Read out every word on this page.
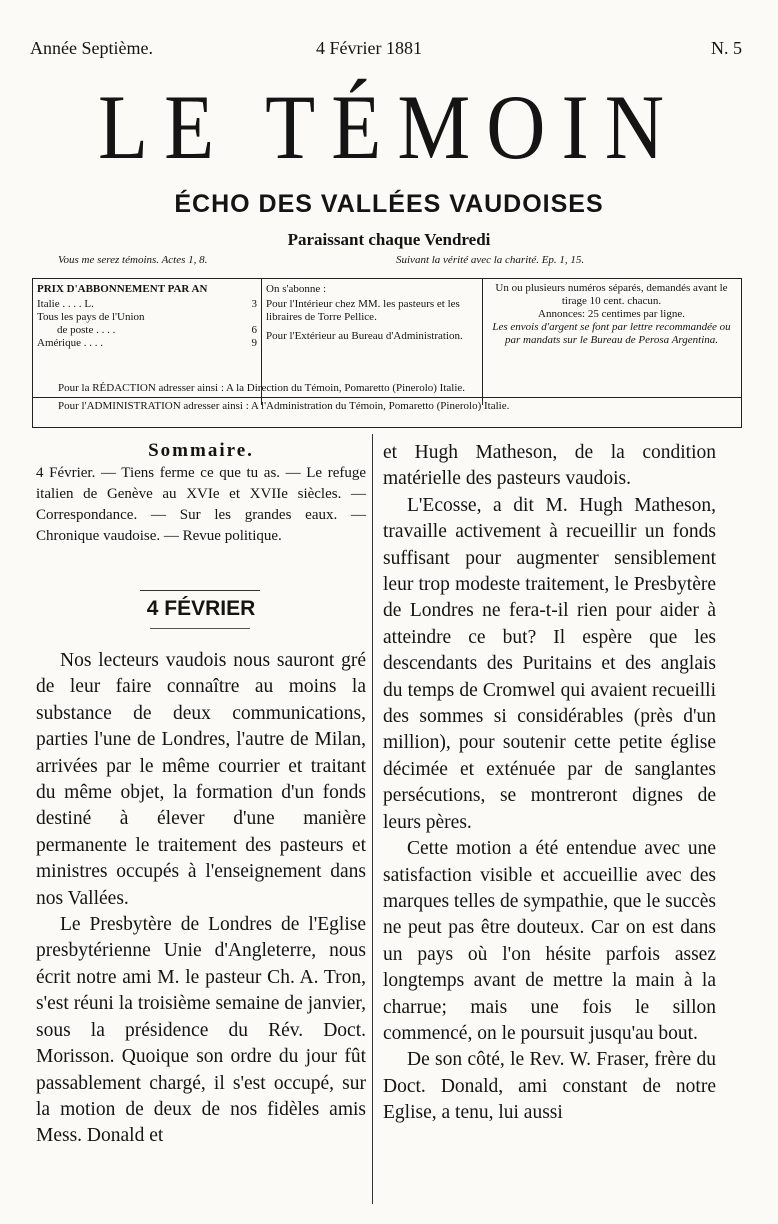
Année Septième.	4 Février 1881	N. 5
LE TÉMOIN
ÉCHO DES VALLÉES VAUDOISES
Paraissant chaque Vendredi
Vous me serez témoins. Actes 1, 8.	Suivant la vérité avec la charité. Ep. 1, 15.
PRIX D'ABBONNEMENT PAR AN
Italie . . . . L.	3
Tous les pays de l'Union
de poste . . . .	6
Amérique . . . .	9
On s'abonne :
Pour l'Intérieur chez MM. les pasteurs et les libraires de Torre Pellice.
Pour l'Extérieur au Bureau d'Administration.
Un ou plusieurs numéros séparés, demandés avant le tirage 10 cent. chacun.
Annonces: 25 centimes par ligne.
Les envois d'argent se font par lettre recommandée ou par mandats sur le Bureau de Perosa Argentina.
Pour la RÉDACTION adresser ainsi : A la Direction du Témoin, Pomaretto (Pinerolo) Italie.
Pour l'ADMINISTRATION adresser ainsi : A l'Administration du Témoin, Pomaretto (Pinerolo) Italie.
Sommaire.
4 Février. — Tiens ferme ce que tu as. — Le refuge italien de Genève au XVIe et XVIIe siècles. — Correspondance. — Sur les grandes eaux. — Chronique vaudoise. — Revue politique.
4 FÉVRIER

Nos lecteurs vaudois nous sauront gré de leur faire connaître au moins la substance de deux communications, parties l'une de Londres, l'autre de Milan, arrivées par le même courrier et traitant du même objet, la formation d'un fonds destiné à élever d'une manière permanente le traitement des pasteurs et ministres occupés à l'enseignement dans nos Vallées.

Le Presbytère de Londres de l'Eglise presbytérienne Unie d'Angleterre, nous écrit notre ami M. le pasteur Ch. A. Tron, s'est réuni la troisième semaine de janvier, sous la présidence du Rév. Doct. Morisson. Quoique son ordre du jour fût passablement chargé, il s'est occupé, sur la motion de deux de nos fidèles amis Mess. Donald et

et Hugh Matheson, de la condition matérielle des pasteurs vaudois.

L'Ecosse, a dit M. Hugh Matheson, travaille activement à recueillir un fonds suffisant pour augmenter sensiblement leur trop modeste traitement, le Presbytère de Londres ne fera-t-il rien pour aider à atteindre ce but? Il espère que les descendants des Puritains et des anglais du temps de Cromwel qui avaient recueilli des sommes si considérables (près d'un million), pour soutenir cette petite église décimée et exténuée par de sanglantes persécutions, se montreront dignes de leurs pères.

Cette motion a été entendue avec une satisfaction visible et accueillie avec des marques telles de sympathie, que le succès ne peut pas être douteux. Car on est dans un pays où l'on hésite parfois assez longtemps avant de mettre la main à la charrue; mais une fois le sillon commencé, on le poursuit jusqu'au bout.

De son côté, le Rev. W. Fraser, frère du Doct. Donald, ami constant de notre Eglise, a tenu, lui aussi
